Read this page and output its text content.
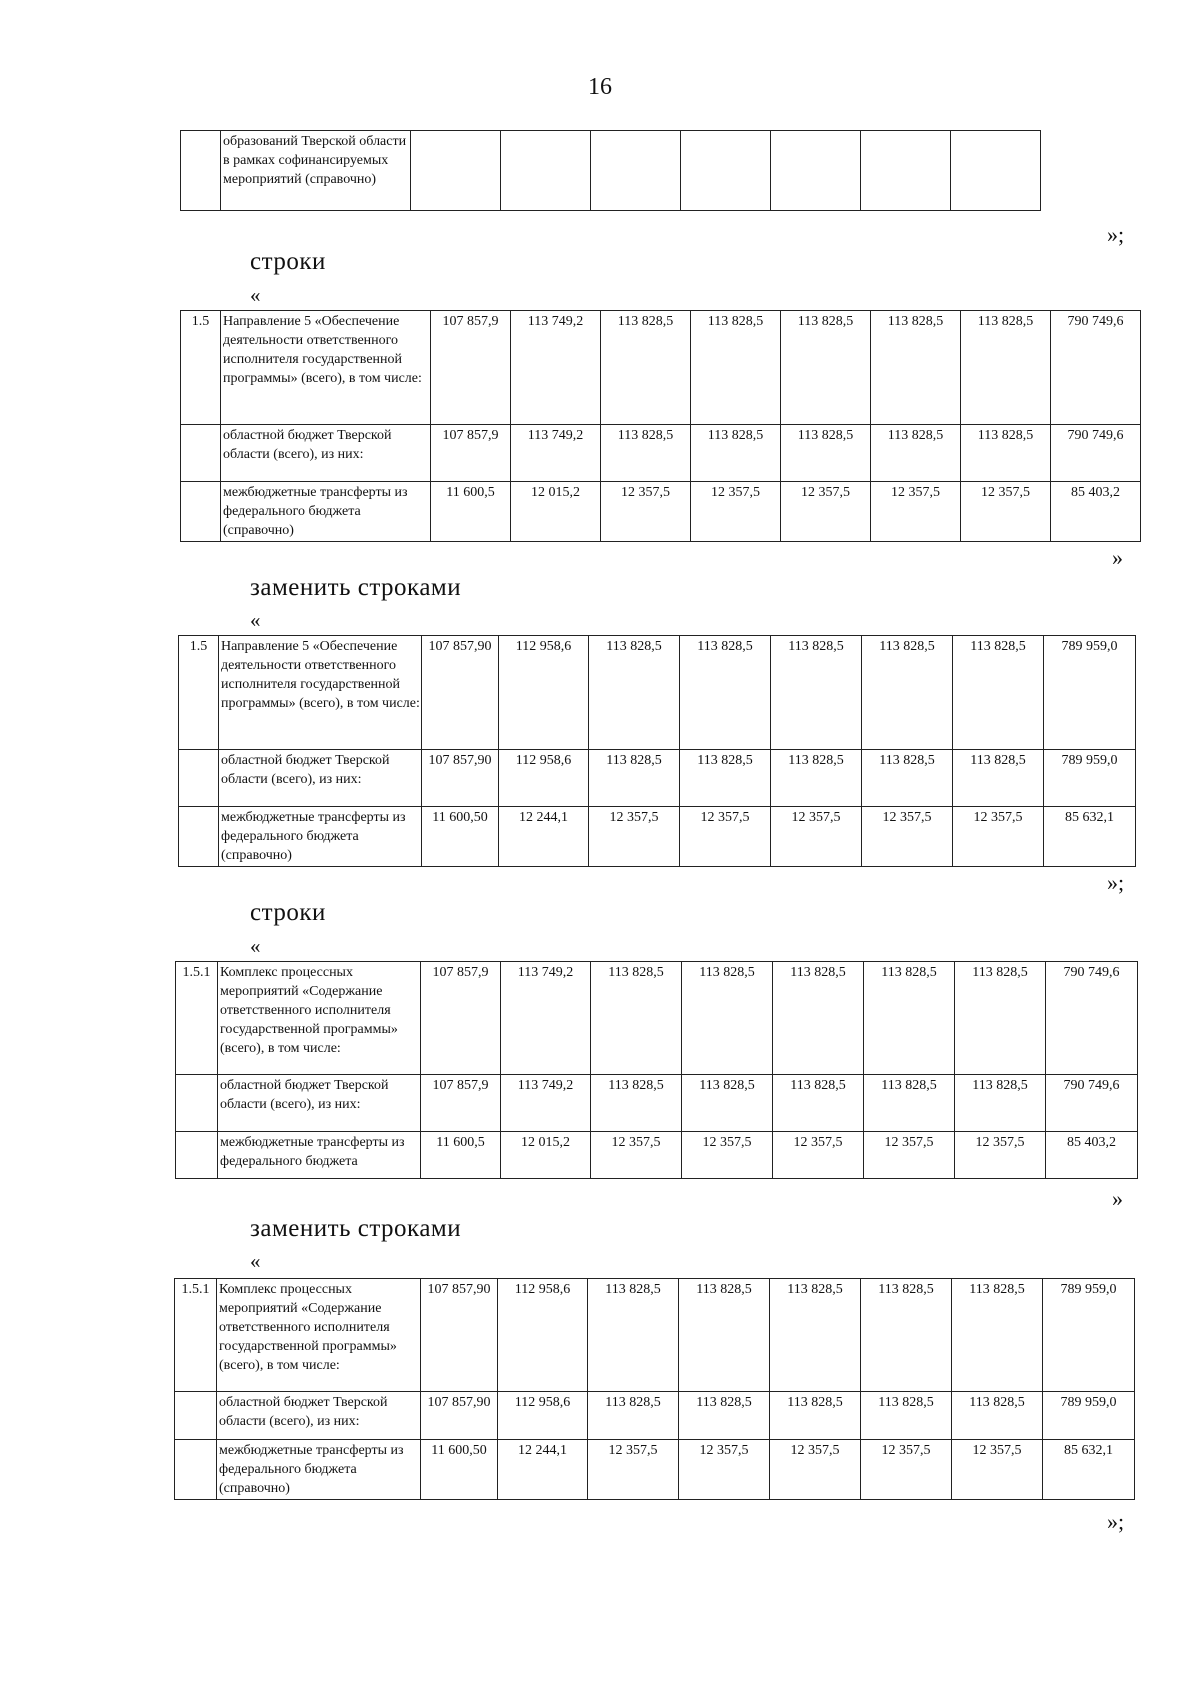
16
	образований Тверской области в рамках софинансируемых мероприятий (справочно)							
»;
строки
«
1.5	Направление 5 «Обеспечение деятельности ответственного исполнителя государственной программы» (всего), в том числе:	107 857,9	113 749,2	113 828,5	113 828,5	113 828,5	113 828,5	113 828,5	790 749,6
	областной бюджет Тверской области (всего), из них:	107 857,9	113 749,2	113 828,5	113 828,5	113 828,5	113 828,5	113 828,5	790 749,6
	межбюджетные трансферты из федерального бюджета (справочно)	11 600,5	12 015,2	12 357,5	12 357,5	12 357,5	12 357,5	12 357,5	85 403,2
»
заменить строками
«
1.5	Направление 5 «Обеспечение деятельности ответственного исполнителя государственной программы» (всего), в том числе:	107 857,90	112 958,6	113 828,5	113 828,5	113 828,5	113 828,5	113 828,5	789 959,0
	областной бюджет Тверской области (всего), из них:	107 857,90	112 958,6	113 828,5	113 828,5	113 828,5	113 828,5	113 828,5	789 959,0
	межбюджетные трансферты из федерального бюджета (справочно)	11 600,50	12 244,1	12 357,5	12 357,5	12 357,5	12 357,5	12 357,5	85 632,1
»;
строки
«
1.5.1	Комплекс процессных мероприятий «Содержание ответственного исполнителя государственной программы» (всего), в том числе:	107 857,9	113 749,2	113 828,5	113 828,5	113 828,5	113 828,5	113 828,5	790 749,6
	областной бюджет Тверской области (всего), из них:	107 857,9	113 749,2	113 828,5	113 828,5	113 828,5	113 828,5	113 828,5	790 749,6
	межбюджетные трансферты из федерального бюджета	11 600,5	12 015,2	12 357,5	12 357,5	12 357,5	12 357,5	12 357,5	85 403,2
»
заменить строками
«
1.5.1	Комплекс процессных мероприятий «Содержание ответственного исполнителя государственной программы» (всего), в том числе:	107 857,90	112 958,6	113 828,5	113 828,5	113 828,5	113 828,5	113 828,5	789 959,0
	областной бюджет Тверской области (всего), из них:	107 857,90	112 958,6	113 828,5	113 828,5	113 828,5	113 828,5	113 828,5	789 959,0
	межбюджетные трансферты из федерального бюджета (справочно)	11 600,50	12 244,1	12 357,5	12 357,5	12 357,5	12 357,5	12 357,5	85 632,1
»;
